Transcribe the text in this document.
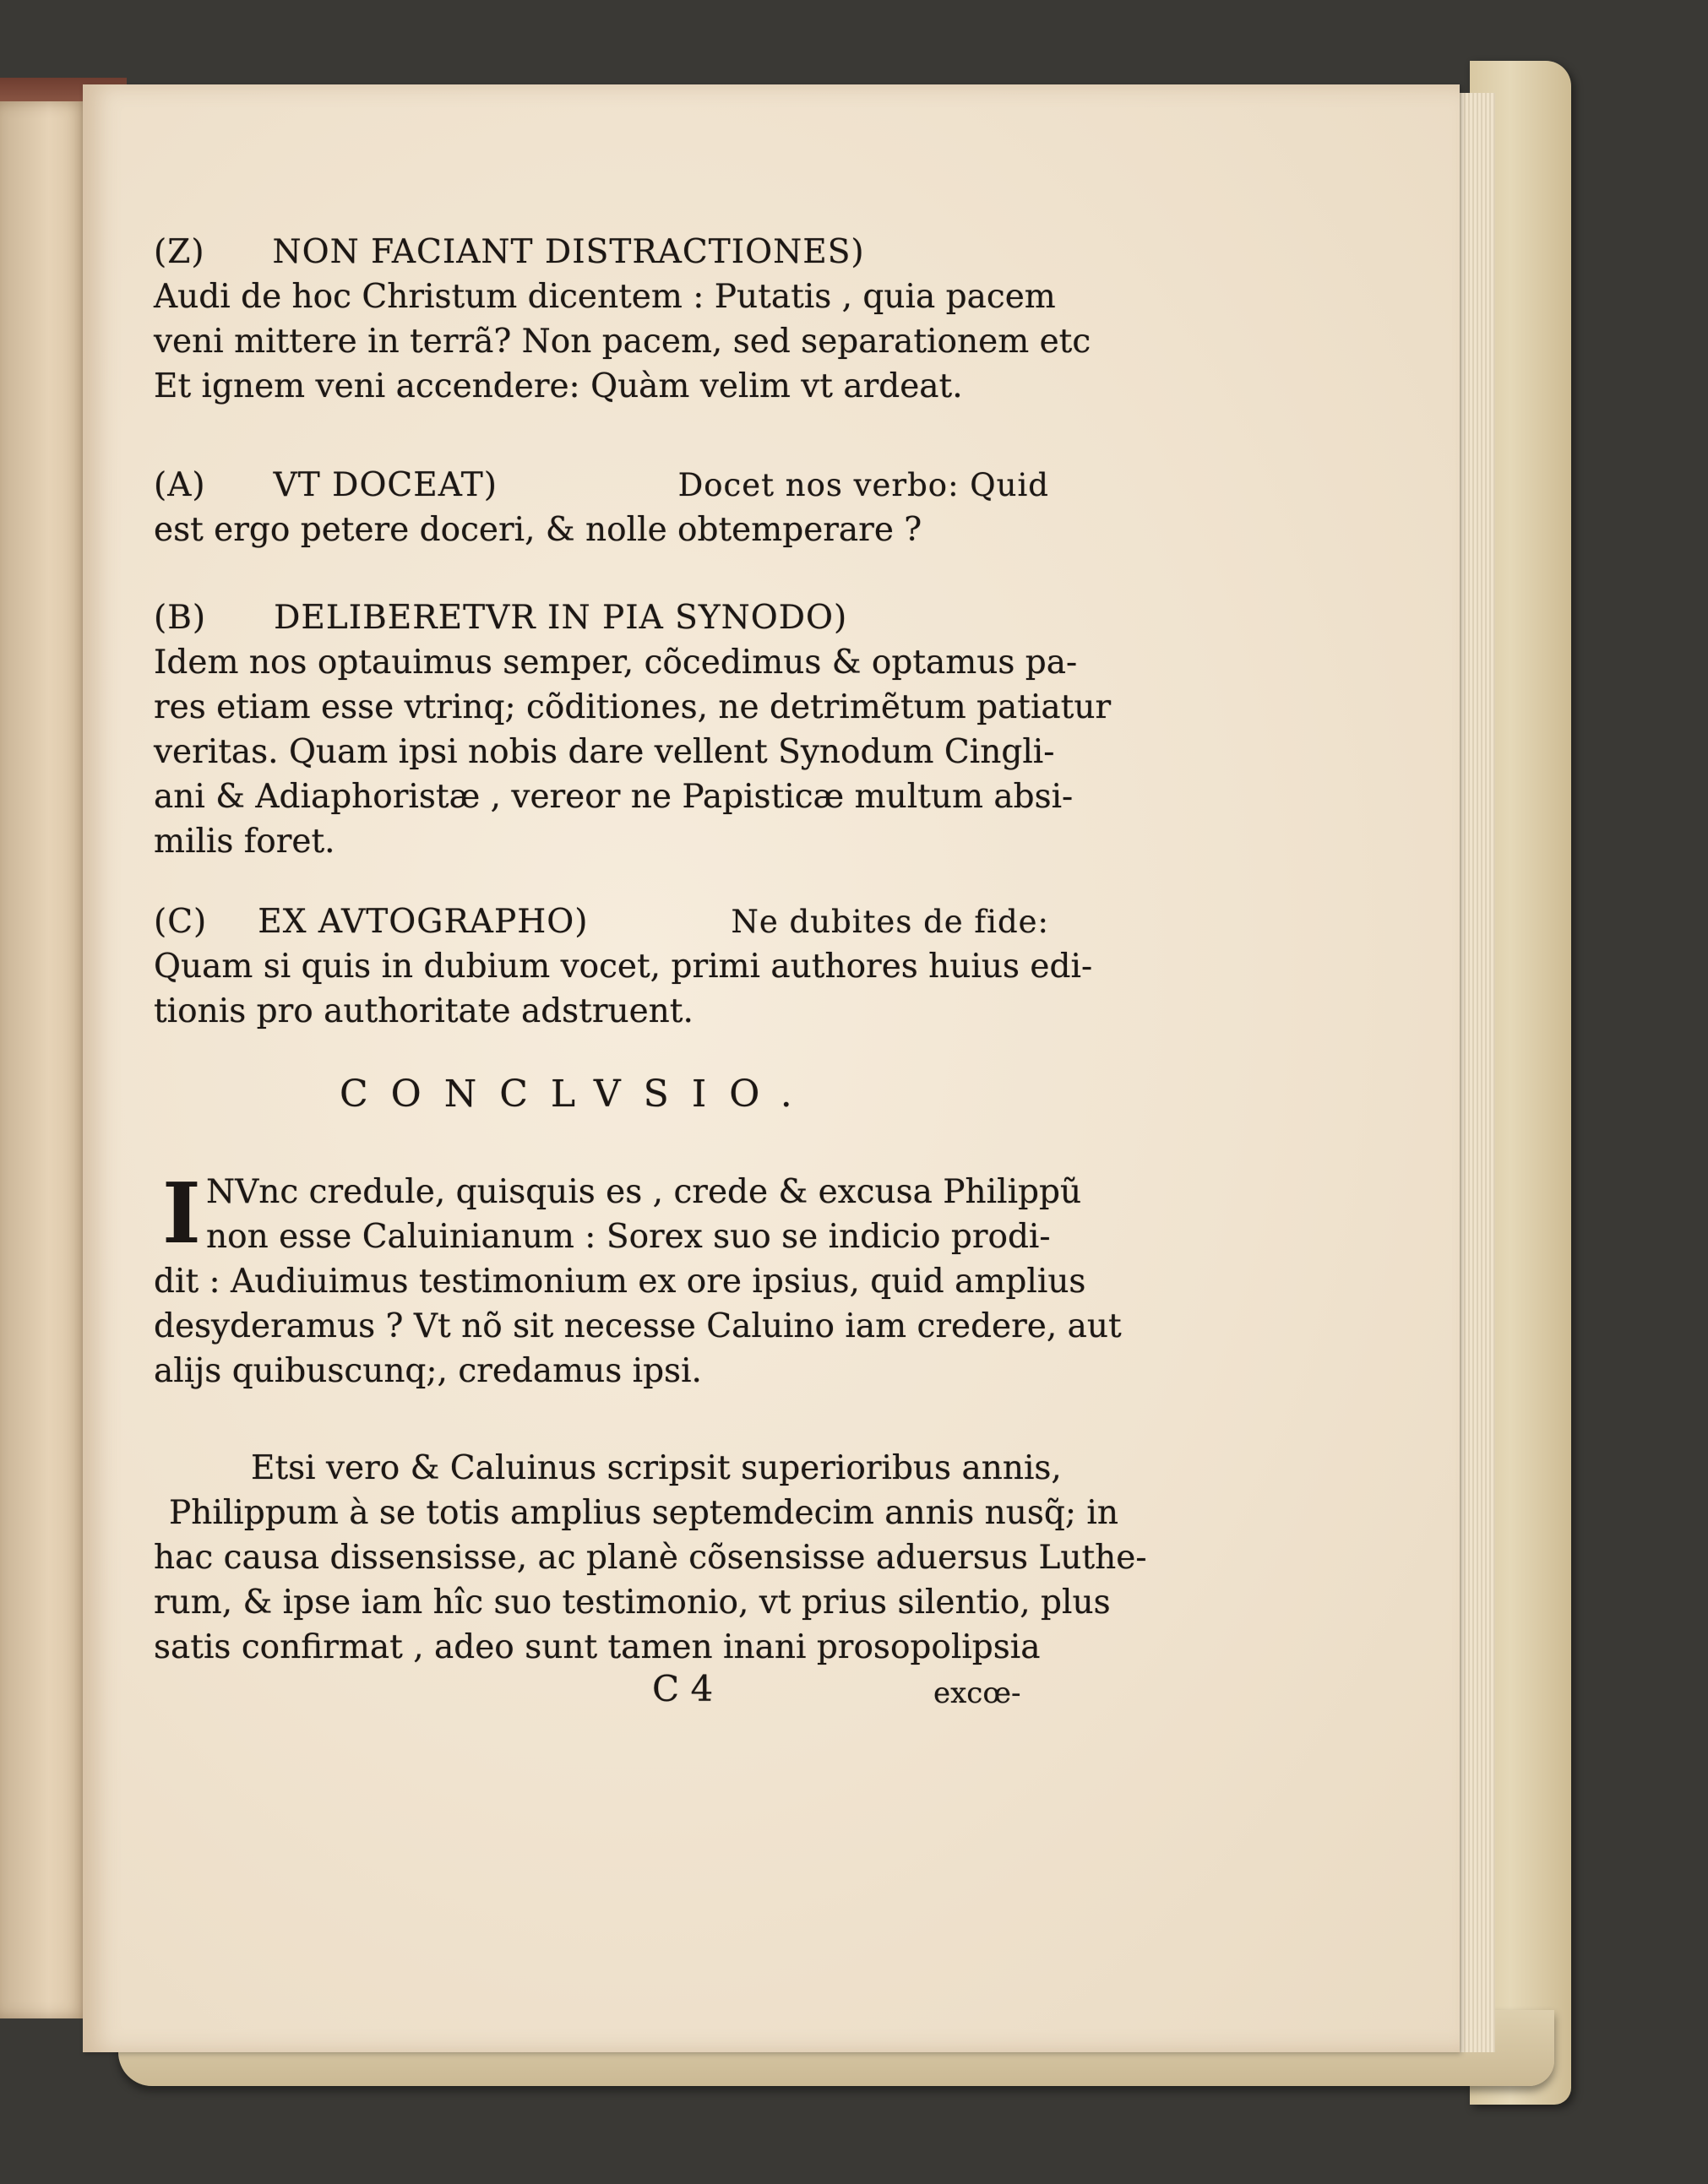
(Z) NON FACIANT DISTRACTIONES)
Audi de hoc Christum dicentem : Putatis , quia pacem
veni mittere in terrã? Non pacem, sed separationem etc
Et ignem veni accendere: Quàm velim vt ardeat.
(A) VT DOCEAT)	Docet nos verbo: Quid
est ergo petere doceri, & nolle obtemperare ?
(B) DELIBERETVR IN PIA SYNODO)
Idem nos optauimus semper, cõcedimus & optamus pa-
res etiam esse vtrinq; cõditiones, ne detrimẽtum patiatur
veritas. Quam ipsi nobis dare vellent Synodum Cingli-
ani & Adiaphoristæ , vereor ne Papisticæ multum absi-
milis foret.
(C) EX AVTOGRAPHO)	Ne dubites de fide:
Quam si quis in dubium vocet, primi authores huius edi-
tionis pro authoritate adstruent.
CONCLVSIO.
I NVnc credule, quisquis es , crede & excusa Philippũ
non esse Caluinianum : Sorex suo se indicio prodi-
dit : Audiuimus testimonium ex ore ipsius, quid amplius
desyderamus ? Vt nõ sit necesse Caluino iam credere, aut
alijs quibuscunq;, credamus ipsi.
Etsi vero & Caluinus scripsit superioribus annis,
Philippum à se totis amplius septemdecim annis nusq̃; in
hac causa dissensisse, ac planè cõsensisse aduersus Luthe-
rum, & ipse iam hîc suo testimonio, vt prius silentio, plus
satis confirmat , adeo sunt tamen inani prosopolipsia
C 4	excœ-
